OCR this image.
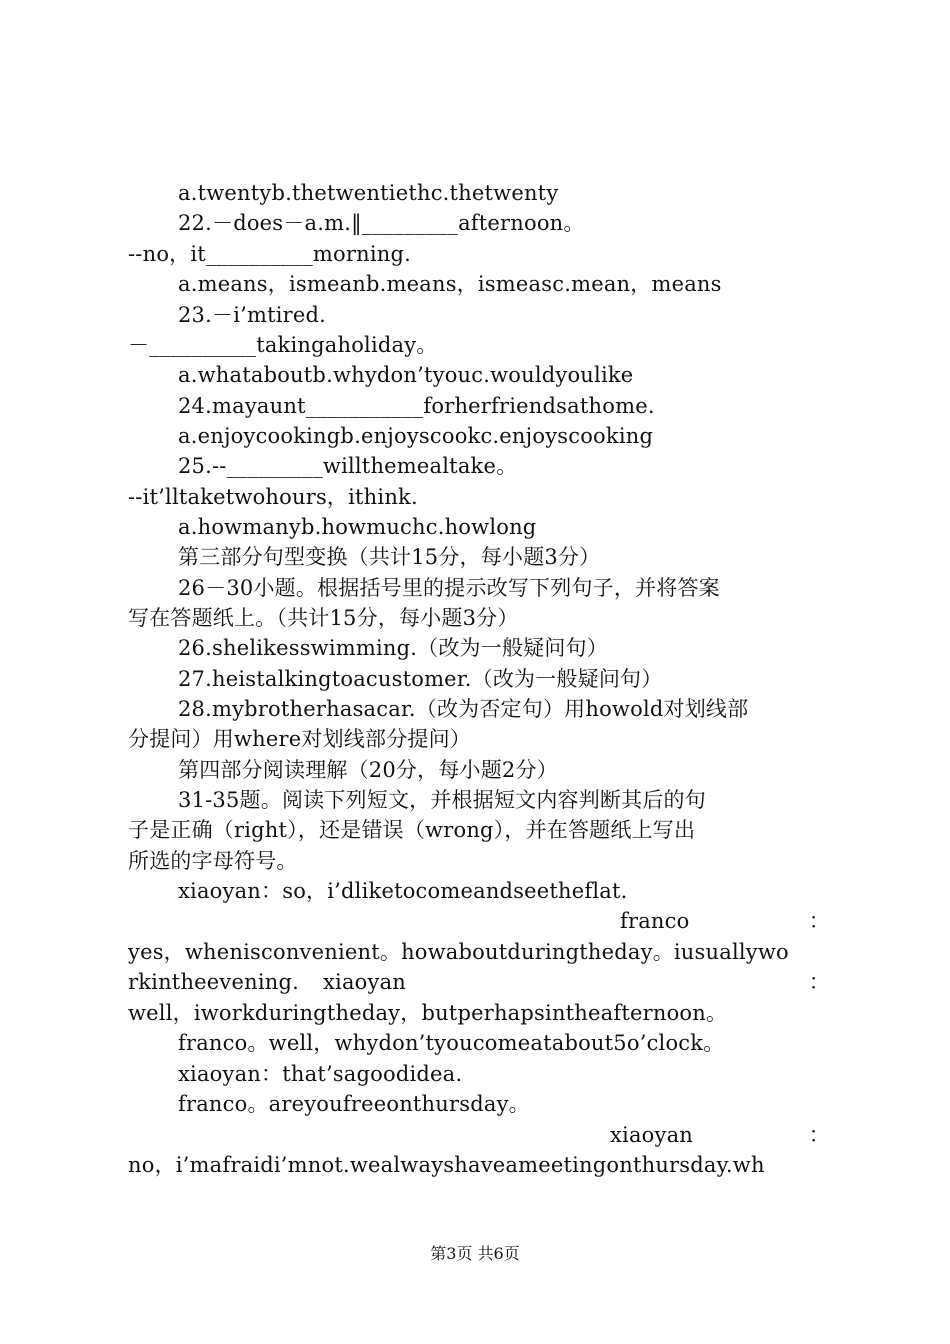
a.twentyb.thetwentiethc.thetwenty
22.－does－a.m.‖_________afternoon。
--no，it__________morning.
a.means，ismeanb.means，ismeasc.mean，means
23.－i’mtired.
－__________takingaholiday。
a.whataboutb.whydon’tyouc.wouldyoulike
24.mayaunt___________forherfriendsathome.
a.enjoycookingb.enjoyscookc.enjoyscooking
25.--_________willthemealtake。
--it’lltaketwohours，ithink.
a.howmanyb.howmuchc.howlong
第三部分句型变换（共计15分，每小题3分）
26－30小题。根据括号里的提示改写下列句子，并将答案
写在答题纸上。（共计15分，每小题3分）
26.shelikesswimming.（改为一般疑问句）
27.heistalkingtoacustomer.（改为一般疑问句）
28.mybrotherhasacar.（改为否定句）用howold对划线部
分提问）用where对划线部分提问）
第四部分阅读理解（20分，每小题2分）
31-35题。阅读下列短文，并根据短文内容判断其后的句
子是正确（right），还是错误（wrong），并在答题纸上写出
所选的字母符号。
xiaoyan：so，i’dliketocomeandseetheflat.
franco	：
yes，whenisconvenient。howaboutduringtheday。iusuallywo
rkintheevening.	xiaoyan	：
well，iworkduringtheday，butperhapsintheafternoon。
franco。well，whydon’tyoucomeatabout5o’clock。
xiaoyan：that’sagoodidea.
franco。areyoufreeonthursday。
xiaoyan	：
no，i’mafraidi’mnot.wealwayshaveameetingonthursday.wh
第3页 共6页
